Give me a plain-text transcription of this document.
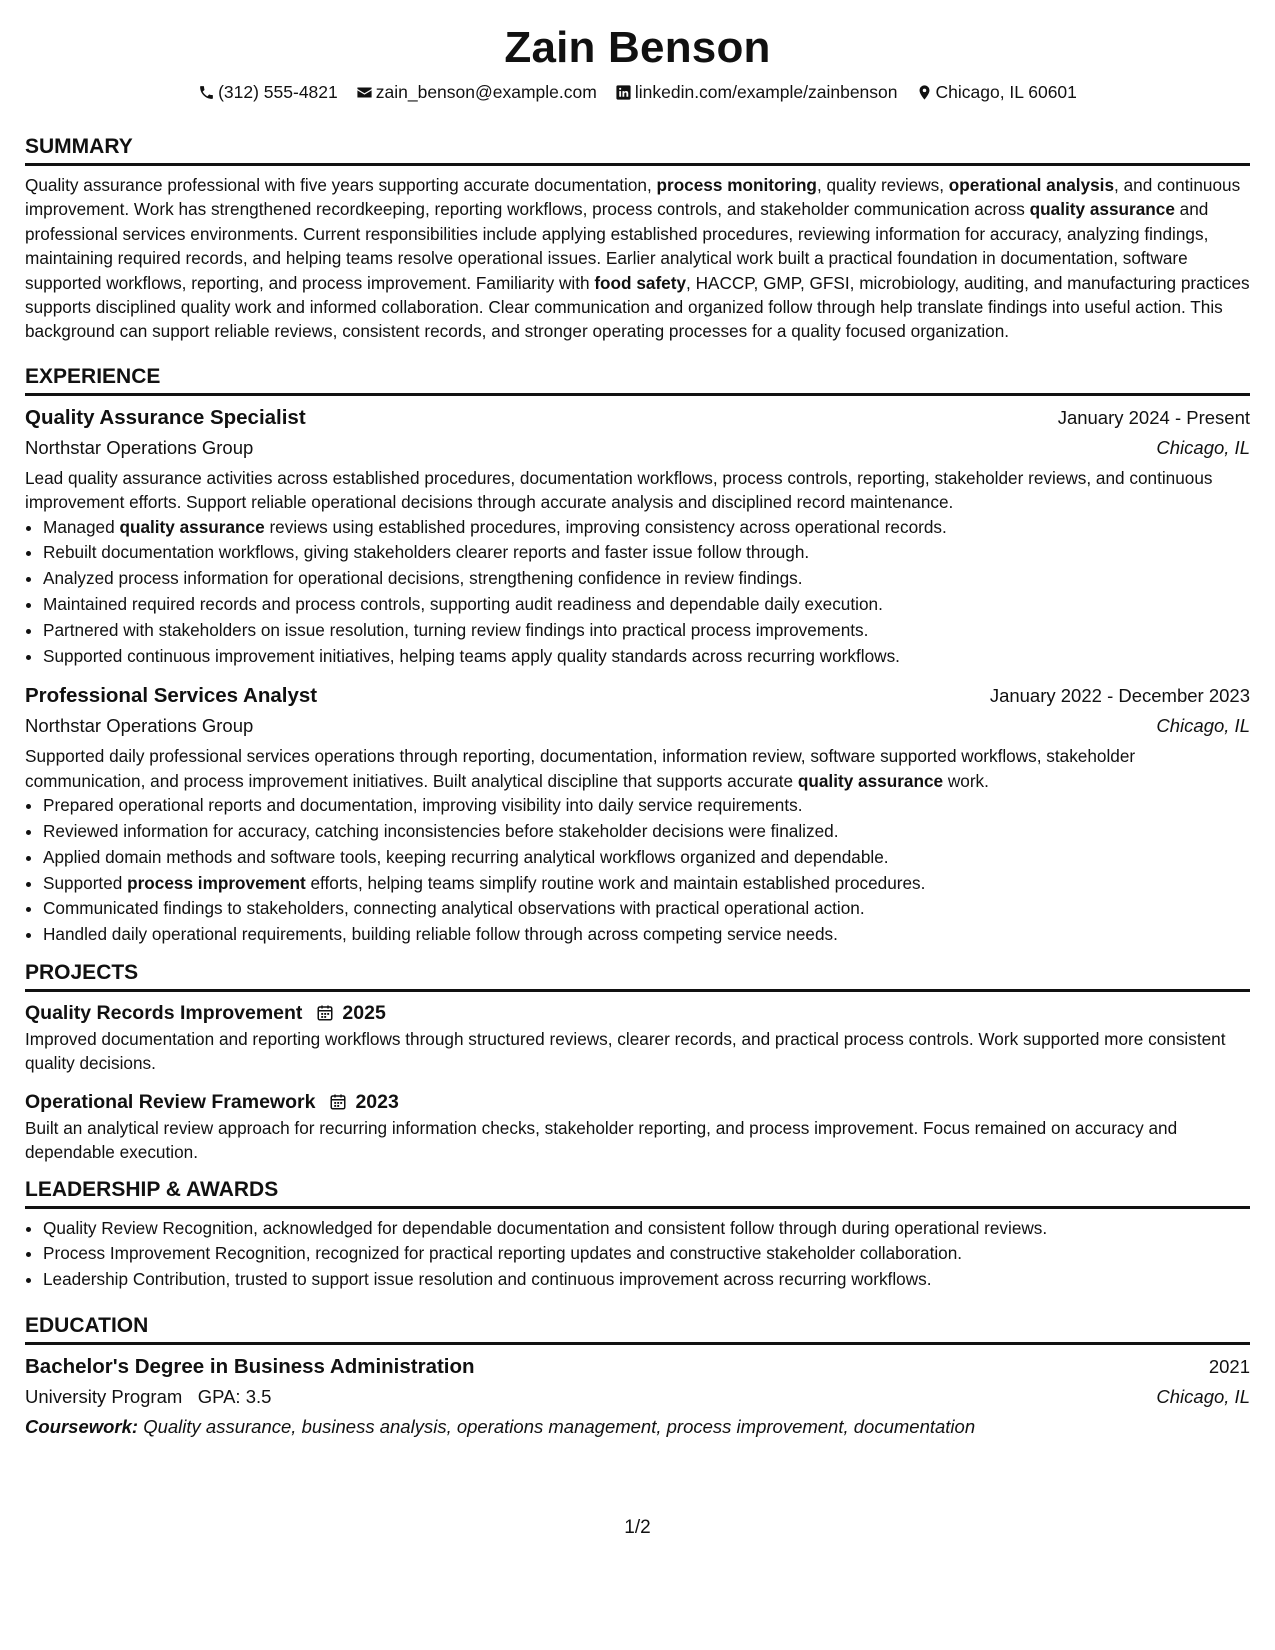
Zain Benson
(312) 555-4821 zain_benson@example.com linkedin.com/example/zainbenson Chicago, IL 60601
SUMMARY

Quality assurance professional with five years supporting accurate documentation, process monitoring, quality reviews, operational analysis, and continuous improvement. Work has strengthened recordkeeping, reporting workflows, process controls, and stakeholder communication across quality assurance and professional services environments. Current responsibilities include applying established procedures, reviewing information for accuracy, analyzing findings, maintaining required records, and helping teams resolve operational issues. Earlier analytical work built a practical foundation in documentation, software supported workflows, reporting, and process improvement. Familiarity with food safety, HACCP, GMP, GFSI, microbiology, auditing, and manufacturing practices supports disciplined quality work and informed collaboration. Clear communication and organized follow through help translate findings into useful action. This background can support reliable reviews, consistent records, and stronger operating processes for a quality focused organization.

EXPERIENCE
Quality Assurance Specialist	January 2024 - Present
Northstar Operations Group	Chicago, IL

Lead quality assurance activities across established procedures, documentation workflows, process controls, reporting, stakeholder reviews, and continuous improvement efforts. Support reliable operational decisions through accurate analysis and disciplined record maintenance.

• Managed quality assurance reviews using established procedures, improving consistency across operational records.
• Rebuilt documentation workflows, giving stakeholders clearer reports and faster issue follow through.
• Analyzed process information for operational decisions, strengthening confidence in review findings.
• Maintained required records and process controls, supporting audit readiness and dependable daily execution.
• Partnered with stakeholders on issue resolution, turning review findings into practical process improvements.
• Supported continuous improvement initiatives, helping teams apply quality standards across recurring workflows.
Professional Services Analyst	January 2022 - December 2023
Northstar Operations Group	Chicago, IL

Supported daily professional services operations through reporting, documentation, information review, software supported workflows, stakeholder communication, and process improvement initiatives. Built analytical discipline that supports accurate quality assurance work.

• Prepared operational reports and documentation, improving visibility into daily service requirements.
• Reviewed information for accuracy, catching inconsistencies before stakeholder decisions were finalized.
• Applied domain methods and software tools, keeping recurring analytical workflows organized and dependable.
• Supported process improvement efforts, helping teams simplify routine work and maintain established procedures.
• Communicated findings to stakeholders, connecting analytical observations with practical operational action.
• Handled daily operational requirements, building reliable follow through across competing service needs.
PROJECTS
Quality Records Improvement 2025

Improved documentation and reporting workflows through structured reviews, clearer records, and practical process controls. Work supported more consistent quality decisions.

Operational Review Framework 2023

Built an analytical review approach for recurring information checks, stakeholder reporting, and process improvement. Focus remained on accuracy and dependable execution.

LEADERSHIP & AWARDS
• Quality Review Recognition, acknowledged for dependable documentation and consistent follow through during operational reviews.
• Process Improvement Recognition, recognized for practical reporting updates and constructive stakeholder collaboration.
• Leadership Contribution, trusted to support issue resolution and continuous improvement across recurring workflows.
EDUCATION
Bachelor's Degree in Business Administration	2021
University Program GPA: 3.5	Chicago, IL
Coursework: Quality assurance, business analysis, operations management, process improvement, documentation
1/2
